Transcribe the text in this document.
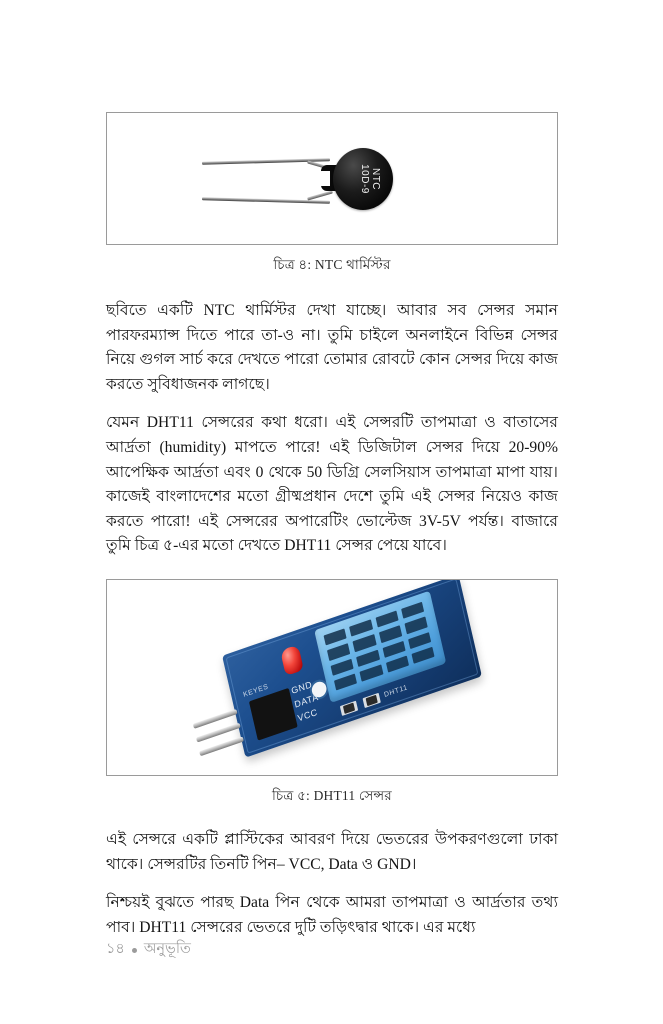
NTC
10D-9
চিত্র ৪: NTC থার্মিস্টর

ছবিতে একটি NTC থার্মিস্টর দেখা যাচ্ছে। আবার সব সেন্সর সমান পারফরম্যান্স দিতে পারে তা-ও না। তুমি চাইলে অনলাইনে বিভিন্ন সেন্সর নিয়ে গুগল সার্চ করে দেখতে পারো তোমার রোবটে কোন সেন্সর দিয়ে কাজ করতে সুবিধাজনক লাগছে।

যেমন DHT11 সেন্সরের কথা ধরো। এই সেন্সরটি তাপমাত্রা ও বাতাসের আর্দ্রতা (humidity) মাপতে পারে! এই ডিজিটাল সেন্সর দিয়ে 20-90% আপেক্ষিক আর্দ্রতা এবং 0 থেকে 50 ডিগ্রি সেলসিয়াস তাপমাত্রা মাপা যায়। কাজেই বাংলাদেশের মতো গ্রীষ্মপ্রধান দেশে তুমি এই সেন্সর নিয়েও কাজ করতে পারো! এই সেন্সরের অপারেটিং ভোল্টেজ 3V-5V পর্যন্ত। বাজারে তুমি চিত্র ৫-এর মতো দেখতে DHT11 সেন্সর পেয়ে যাবে।

KEYES GND
DATA
VCC
DHT11
চিত্র ৫: DHT11 সেন্সর

এই সেন্সরে একটি প্লাস্টিকের আবরণ দিয়ে ভেতরের উপকরণগুলো ঢাকা থাকে। সেন্সরটির তিনটি পিন– VCC, Data ও GND।

নিশ্চয়ই বুঝতে পারছ Data পিন থেকে আমরা তাপমাত্রা ও আর্দ্রতার তথ্য পাব। DHT11 সেন্সরের ভেতরে দুটি তড়িৎদ্বার থাকে। এর মধ্যে

১৪ অনুভূতি
